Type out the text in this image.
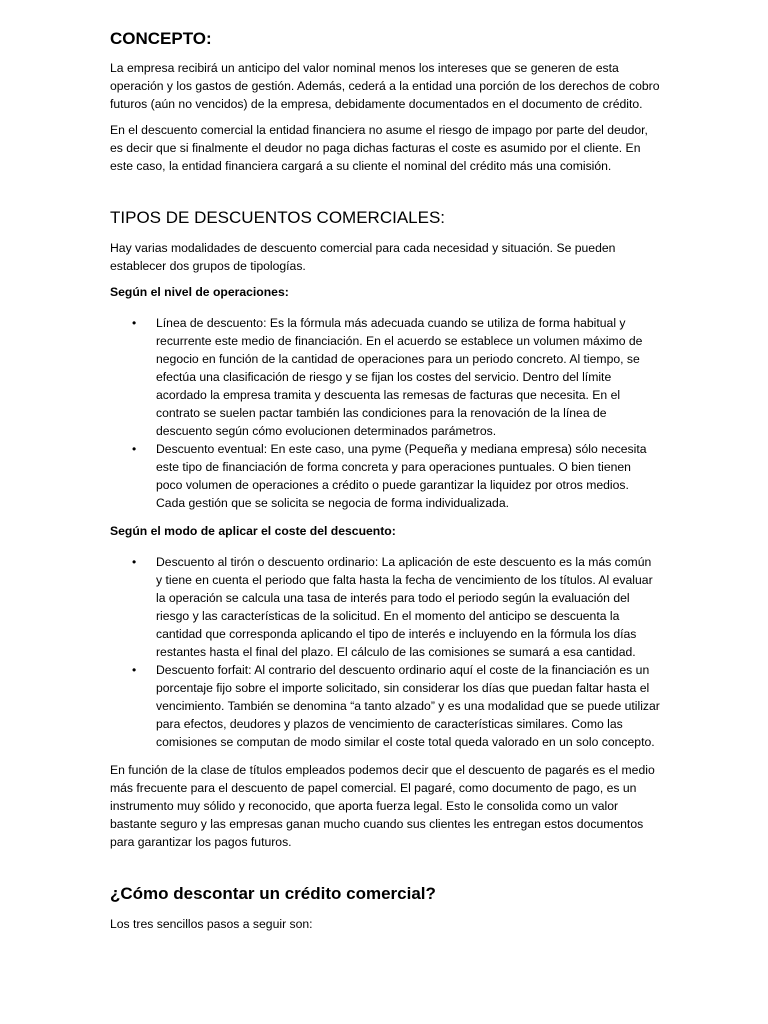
CONCEPTO:

La empresa recibirá un anticipo del valor nominal menos los intereses que se generen de esta operación y los gastos de gestión. Además, cederá a la entidad una porción de los derechos de cobro futuros (aún no vencidos) de la empresa, debidamente documentados en el documento de crédito.

En el descuento comercial la entidad financiera no asume el riesgo de impago por parte del deudor, es decir que si finalmente el deudor no paga dichas facturas el coste es asumido por el cliente. En este caso, la entidad financiera cargará a su cliente el nominal del crédito más una comisión.

TIPOS DE DESCUENTOS COMERCIALES:

Hay varias modalidades de descuento comercial para cada necesidad y situación. Se pueden establecer dos grupos de tipologías.

Según el nivel de operaciones:

• Línea de descuento: Es la fórmula más adecuada cuando se utiliza de forma habitual y recurrente este medio de financiación. En el acuerdo se establece un volumen máximo de negocio en función de la cantidad de operaciones para un periodo concreto. Al tiempo, se efectúa una clasificación de riesgo y se fijan los costes del servicio. Dentro del límite acordado la empresa tramita y descuenta las remesas de facturas que necesita. En el contrato se suelen pactar también las condiciones para la renovación de la línea de descuento según cómo evolucionen determinados parámetros.
• Descuento eventual: En este caso, una pyme (Pequeña y mediana empresa) sólo necesita este tipo de financiación de forma concreta y para operaciones puntuales. O bien tienen poco volumen de operaciones a crédito o puede garantizar la liquidez por otros medios. Cada gestión que se solicita se negocia de forma individualizada.

Según el modo de aplicar el coste del descuento:

• Descuento al tirón o descuento ordinario: La aplicación de este descuento es la más común y tiene en cuenta el periodo que falta hasta la fecha de vencimiento de los títulos. Al evaluar la operación se calcula una tasa de interés para todo el periodo según la evaluación del riesgo y las características de la solicitud. En el momento del anticipo se descuenta la cantidad que corresponda aplicando el tipo de interés e incluyendo en la fórmula los días restantes hasta el final del plazo. El cálculo de las comisiones se sumará a esa cantidad.
• Descuento forfait: Al contrario del descuento ordinario aquí el coste de la financiación es un porcentaje fijo sobre el importe solicitado, sin considerar los días que puedan faltar hasta el vencimiento. También se denomina “a tanto alzado” y es una modalidad que se puede utilizar para efectos, deudores y plazos de vencimiento de características similares. Como las comisiones se computan de modo similar el coste total queda valorado en un solo concepto.

En función de la clase de títulos empleados podemos decir que el descuento de pagarés es el medio más frecuente para el descuento de papel comercial. El pagaré, como documento de pago, es un instrumento muy sólido y reconocido, que aporta fuerza legal. Esto le consolida como un valor bastante seguro y las empresas ganan mucho cuando sus clientes les entregan estos documentos para garantizar los pagos futuros.

¿Cómo descontar un crédito comercial?

Los tres sencillos pasos a seguir son:
